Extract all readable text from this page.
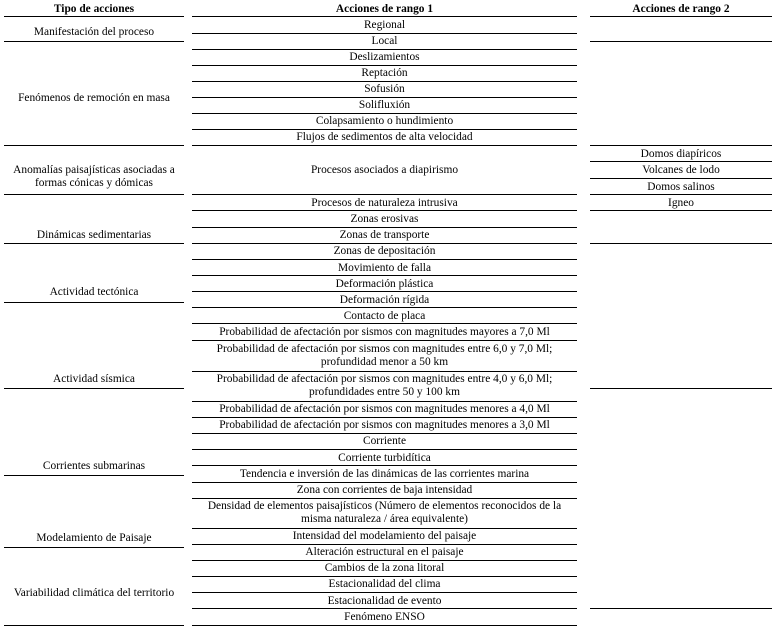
Tipo de acciones	Acciones de rango 1	Acciones de rango 2
Manifestación del proceso
Fenómenos de remoción en masa
Anomalías paisajísticas asociadas a formas cónicas y dómicas
Dinámicas sedimentarias
Actividad tectónica
Actividad sísmica
Corrientes submarinas
Modelamiento de Paisaje
Variabilidad climática del territorio
Regional
Local
Deslizamientos
Reptación
Sofusión
Solifluxión
Colapsamiento o hundimiento
Flujos de sedimentos de alta velocidad
Procesos asociados a diapirismo
Procesos de naturaleza intrusiva
Zonas erosivas
Zonas de transporte
Zonas de depositación
Movimiento de falla
Deformación plástica
Deformación rígida
Contacto de placa
Probabilidad de afectación por sismos con magnitudes mayores a 7,0 Ml
Probabilidad de afectación por sismos con magnitudes entre 6,0 y 7,0 Ml; profundidad menor a 50 km
Probabilidad de afectación por sismos con magnitudes entre 4,0 y 6,0 Ml; profundidades entre 50 y 100 km
Probabilidad de afectación por sismos con magnitudes menores a 4,0 Ml
Probabilidad de afectación por sismos con magnitudes menores a 3,0 Ml
Corriente
Corriente turbidítica
Tendencia e inversión de las dinámicas de las corrientes marina
Zona con corrientes de baja intensidad
Densidad de elementos paisajísticos (Número de elementos reconocidos de la misma naturaleza / área equivalente)
Intensidad del modelamiento del paisaje
Alteración estructural en el paisaje
Cambios de la zona litoral
Estacionalidad del clima
Estacionalidad de evento
Fenómeno ENSO
Domos diapíricos
Volcanes de lodo
Domos salinos
Igneo
